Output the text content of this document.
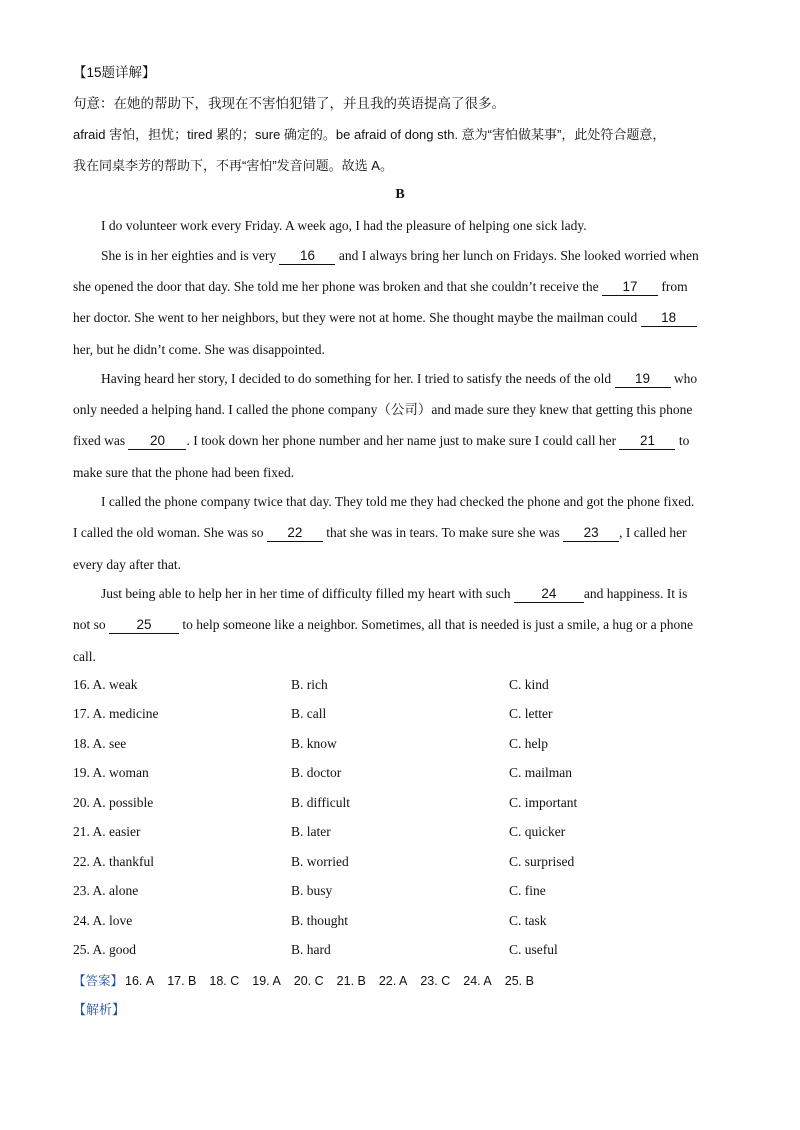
【15题详解】
句意：在她的帮助下，我现在不害怕犯错了，并且我的英语提高了很多。
afraid 害怕，担忧；tired 累的；sure 确定的。be afraid of dong sth. 意为“害怕做某事”，此处符合题意，
我在同桌李芳的帮助下，不再“害怕”发音问题。故选 A。
B
I do volunteer work every Friday. A week ago, I had the pleasure of helping one sick lady.
She is in her eighties and is very 16 and I always bring her lunch on Fridays. She looked worried when
she opened the door that day. She told me her phone was broken and that she couldn’t receive the 17 from
her doctor. She went to her neighbors, but they were not at home. She thought maybe the mailman could 18
her, but he didn’t come. She was disappointed.
Having heard her story, I decided to do something for her. I tried to satisfy the needs of the old 19 who
only needed a helping hand. I called the phone company（公司）and made sure they knew that getting this phone
fixed was 20 . I took down her phone number and her name just to make sure I could call her 21 to
make sure that the phone had been fixed.
I called the phone company twice that day. They told me they had checked the phone and got the phone fixed.
I called the old woman. She was so 22 that she was in tears. To make sure she was 23 , I called her
every day after that.
Just being able to help her in her time of difficulty filled my heart with such 24 and happiness. It is
not so 25 to help someone like a neighbor. Sometimes, all that is needed is just a smile, a hug or a phone
call.
16. A. weak	B. rich	C. kind
17. A. medicine	B. call	C. letter
18. A. see	B. know	C. help
19. A. woman	B. doctor	C. mailman
20. A. possible	B. difficult	C. important
21. A. easier	B. later	C. quicker
22. A. thankful	B. worried	C. surprised
23. A. alone	B. busy	C. fine
24. A. love	B. thought	C. task
25. A. good	B. hard	C. useful
【答案】 16. A 17. B 18. C 19. A 20. C 21. B 22. A 23. C 24. A 25. B
【解析】
